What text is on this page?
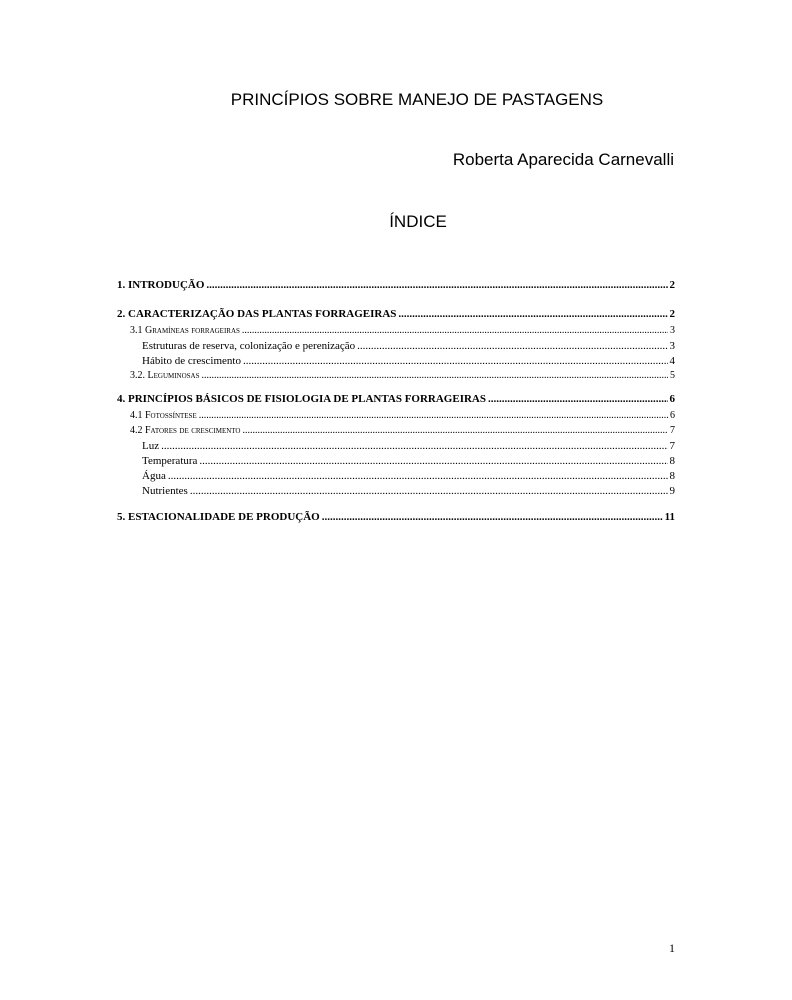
PRINCÍPIOS SOBRE MANEJO DE PASTAGENS
Roberta Aparecida Carnevalli
ÍNDICE
1. INTRODUÇÃO .....	2
2. CARACTERIZAÇÃO DAS PLANTAS FORRAGEIRAS .....	2
3.1 Gramíneas forrageiras .....	3
Estruturas de reserva, colonização e perenização .....	3
Hábito de crescimento .....	4
3.2. Leguminosas .....	5
4. PRINCÍPIOS BÁSICOS DE FISIOLOGIA DE PLANTAS FORRAGEIRAS .....	6
4.1 Fotossíntese .....	6
4.2 Fatores de crescimento .....	7
Luz .....	7
Temperatura .....	8
Água .....	8
Nutrientes .....	9
5. ESTACIONALIDADE DE PRODUÇÃO .....	11
1
